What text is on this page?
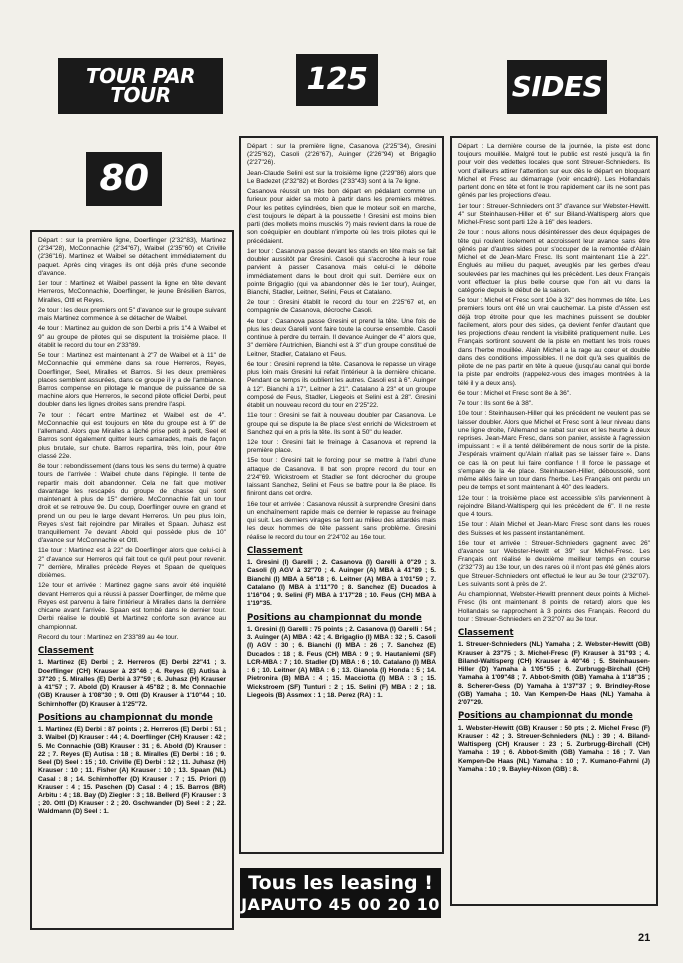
TOUR PAR TOUR
80
125	SIDES

Départ : sur la première ligne, Doerflinger (2'32"83), Martinez (2'34"28), McConnachie (2'34"67), Waibel (2'35"60) et Criville (2'36"16). Martinez et Waibel se détachent immédiatement du paquet. Après cinq virages ils ont déjà près d'une seconde d'avance.

1er tour : Martinez et Waibel passent la ligne en tête devant Herreros, McConnachie, Doerflinger, le jeune Brésilien Barros, Miralles, Ottl et Reyes.

2e tour : les deux premiers ont 5" d'avance sur le groupe suivant mais Martinez commence à se détacher de Waibel.

4e tour : Martinez au guidon de son Derbi a pris 1"4 à Waibel et 9" au groupe de pilotes qui se disputent la troisième place. Il établit le record du tour en 2'33"89.

5e tour : Martinez est maintenant à 2"7 de Waibel et à 11" de McConnachie qui emmène dans sa roue Herreros, Reyes, Doerflinger, Seel, Miralles et Barros. Si les deux premières places semblent assurées, dans ce groupe il y a de l'ambiance. Barros compense en pilotage le manque de puissance de sa machine alors que Herreros, le second pilote officiel Derbi, peut doubler dans les lignes droites sans prendre l'aspi.

7e tour : l'écart entre Martinez et Waibel est de 4". McConnachie qui est toujours en tête du groupe est à 9" de l'allemand. Alors que Miralles a lâché prise petit à petit, Seel et Barros sont également quitter leurs camarades, mais de façon plus brutale, sur chute. Barros repartira, très loin, pour être classé 22e.

8e tour : rebondissement (dans tous les sens du terme) à quatre tours de l'arrivée : Waibel chute dans l'épingle. Il tente de repartir mais doit abandonner. Cela ne fait que motiver davantage les rescapés du groupe de chasse qui sont maintenant à plus de 15" derrière. McConnachie fait un tour droit et se retrouve 9e. Du coup, Doerflinger ouvre en grand et prend un ou peu le large devant Herreros. Un peu plus loin, Reyes s'est fait rejoindre par Miralles et Spaan. Juhasz est tranquillement 7e devant Abold qui possède plus de 10" d'avance sur McConnachie et Ottl.

11e tour : Martinez est à 22" de Doerflinger alors que celui-ci à 2" d'avance sur Herreros qui fait tout ce qu'il peut pour revenir. 7" derrière, Miralles précède Reyes et Spaan de quelques dixièmes.

12e tour et arrivée : Martinez gagne sans avoir été inquiété devant Herreros qui a réussi à passer Doerflinger, de même que Reyes est parvenu à faire l'intérieur à Miralles dans la dernière chicane avant l'arrivée. Spaan est tombé dans le dernier tour. Derbi réalise le doublé et Martinez conforte son avance au championnat.

Record du tour : Martinez en 2'33"89 au 4e tour.

Classement

1. Martinez (E) Derbi ; 2. Herreros (E) Derbi 22"41 ; 3. Doerflinger (CH) Krauser à 23"46 ; 4. Reyes (E) Autisa à 37"20 ; 5. Miralles (E) Derbi à 37"59 ; 6. Juhasz (H) Krauser à 41"57 ; 7. Abold (D) Krauser à 45"82 ; 8. Mc Connachie (GB) Krauser à 1'08"30 ; 9. Ottl (D) Krauser à 1'10"44 ; 10. Schirnhoffer (D) Krauser à 1'25"72.

Positions au championnat du monde

1. Martinez (E) Derbi : 87 points ; 2. Herreros (E) Derbi : 51 ; 3. Waibel (D) Krauser : 44 ; 4. Doerflinger (CH) Krauser : 42 ; 5. Mc Connachie (GB) Krauser : 31 ; 6. Abold (D) Krauser : 22 ; 7. Reyes (E) Autisa : 18 ; 8. Miralles (E) Derbi : 16 ; 9. Seel (D) Seel : 15 ; 10. Criville (E) Derbi : 12 ; 11. Juhasz (H) Krauser : 10 ; 11. Fisher (A) Krauser : 10 ; 13. Spaan (NL) Casal : 8 ; 14. Schirnhoffer (D) Krauser : 7 ; 15. Priori (I) Krauser : 4 ; 15. Paschen (D) Casal : 4 ; 15. Barros (BR) Arbitu : 4 ; 18. Bay (D) Ziegler : 3 ; 18. Bellerd (F) Krauser : 3 ; 20. Ottl (D) Krauser : 2 ; 20. Gschwander (D) Seel : 2 ; 22. Waldmann (D) Seel : 1.

Départ : sur la première ligne, Casanova (2'25"34), Gresini (2'25"62), Casoli (2'26"67), Auinger (2'26"94) et Brigaglio (2'27"26).

Jean-Claude Selini est sur la troisième ligne (2'29"86) alors que Le Badezet (2'32"82) et Bordes (2'33"43) sont à la 7e ligne.

Casanova réussit un très bon départ en pédalant comme un furieux pour aider sa moto à partir dans les premiers mètres. Pour les petites cylindrées, bien que le moteur soit en marche, c'est toujours le départ à la poussette ! Gresini est moins bien parti (des mollets moins musclés ?) mais revient dans la roue de son coéquipier en doublant n'importe où les trois pilotes qui le précédaient.

1er tour : Casanova passe devant les stands en tête mais se fait doubler aussitôt par Gresini. Casoli qui s'accroche à leur roue parvient à passer Casanova mais celui-ci le déboite immédiatement dans le bout droit qui suit. Derrière eux on pointe Brigaglio (qui va abandonner dès le 1er tour), Auinger, Bianchi, Stadler, Leitner, Selini, Feus et Catalano.

2e tour : Gresini établit le record du tour en 2'25"67 et, en compagnie de Casanova, décroche Casoli.

4e tour : Casanova passe Gresini et prend la tête. Une fois de plus les deux Garelli vont faire toute la course ensemble. Casoli continue à perdre du terrain. Il devance Auinger de 4" alors que, 3" derrière l'Autrichien, Bianchi est à 3" d'un groupe constitué de Leitner, Stadler, Catalano et Feus.

6e tour : Gresini reprend la tête. Casanova le repasse un virage plus loin mais Gresini lui refait l'intérieur à la dernière chicane. Pendant ce temps ils oublient les autres. Casoli est à 6". Auinger à 12". Bianchi à 17", Leitner à 21". Catalano à 23" et un groupe composé de Feus, Stadler, Liegeois et Selini est à 28". Gresini établit un nouveau record du tour en 2'25"22.

11e tour : Gresini se fait à nouveau doubler par Casanova. Le groupe qui se dispute la 8e place s'est enrichi de Wickstroem et Sanchez qui en a pris la tête. Ils sont à 50" du leader.

12e tour : Gresini fait le freinage à Casanova et reprend la première place.

15e tour : Gresini tait le forcing pour se mettre à l'abri d'une attaque de Casanova. Il bat son propre record du tour en 2'24"69. Wickstroem et Stadler se font décrocher du groupe laissant Sanchez, Selini et Feus se battre pour la 8e place. Ils finiront dans cet ordre.

16e tour et arrivée : Casanova réussit à surprendre Gresini dans un enchaînement rapide mais ce dernier le repasse au freinage qui suit. Les derniers virages se font au milieu des attardés mais les deux hommes de tête passent sans problème. Gresini réalise le record du tour en 2'24"02 au 16e tour.

Classement

1. Gresini (I) Garelli ; 2. Casanova (I) Garelli à 0"29 ; 3. Casoli (I) AGV à 32"70 ; 4. Auinger (A) MBA à 41"89 ; 5. Bianchi (I) MBA à 56"18 ; 6. Leitner (A) MBA à 1'01"59 ; 7. Catalano (I) MBA à 1'11"70 ; 8. Sanchez (E) Ducados à 1'16"04 ; 9. Selini (F) MBA à 1'17"28 ; 10. Feus (CH) MBA à 1'19"35.

Positions au championnat du monde

1. Gresini (I) Garelli : 75 points ; 2. Casanova (I) Garelli : 54 ; 3. Auinger (A) MBA : 42 ; 4. Brigaglio (I) MBA : 32 ; 5. Casoli (I) AGV : 30 ; 6. Bianchi (I) MBA : 26 ; 7. Sanchez (E) Ducados : 18 ; 8. Feus (CH) MBA : 9 ; 9. Hautaniemi (SF) LCR-MBA : 7 ; 10. Stadler (D) MBA : 6 ; 10. Catalano (I) MBA : 6 ; 10. Leitner (A) MBA : 6 ; 13. Gianola (I) Honda : 5 ; 14. Pietronira (B) MBA : 4 ; 15. Macciotta (I) MBA : 3 ; 15. Wickstroem (SF) Tunturi : 2 ; 15. Selini (F) MBA : 2 ; 18. Liegeois (B) Assmex : 1 ; 18. Perez (RA) : 1.

Tous les leasing !
JAPAUTO 45 00 20 10

Départ : La dernière course de la journée, la piste est donc toujours mouillée. Malgré tout le public est resté jusqu'à la fin pour voir des vedettes locales que sont Streuer-Schnieders. Ils vont d'ailleurs attirer l'attention sur eux dès le départ en bloquant Michel et Fresc au démarrage (voir encadré). Les Hollandais partent donc en tête et font le trou rapidement car ils ne sont pas gênés par les projections d'eau.

1er tour : Streuer-Schnieders ont 3" d'avance sur Webster-Hewitt. 4" sur Steinhausen-Hiller et 6" sur Biland-Waltisperg alors que Michel-Fresc sont parti 12e à 16" des leaders.

2e tour : nous allons nous désintéresser des deux équipages de tête qui roulent isolement et accroissent leur avance sans être gênés par d'autres sides pour s'occuper de la remontée d'Alain Michel et de Jean-Marc Fresc. Ils sont maintenant 11e à 22". Englués au milieu du paquet, aveuglés par les gerbes d'eau soulevées par les machines qui les précèdent. Les deux Français vont effectuer la plus belle course que l'on ait vu dans la catégorie depuis le début de la saison.

5e tour : Michel et Fresc sont 10e à 32" des hommes de tête. Les premiers tours ont été un vrai cauchemar. La piste d'Assen est déjà trop étroite pour que les machines puissent se doubler facilement, alors pour des sides, ça devient l'enfer d'autant que les projections d'eau rendent la visibilité pratiquement nulle. Les Français sortiront souvent de la piste en mettant les trois roues dans l'herbe mouillée. Alain Michel a la rage au cœur et double dans des conditions impossibles. Il ne doit qu'à ses qualités de pilote de ne pas partir en tête à queue (jusqu'au canal qui borde la piste par endroits (rappelez-vous des images montrées à la télé il y a deux ans).

6e tour : Michel et Fresc sont 8e à 36".

7e tour : Ils sont 6e à 38".

10e tour : Steinhausen-Hiller qui les précédent ne veulent pas se laisser doubler. Alors que Michel et Fresc sont à leur niveau dans une ligne droite, l'Allemand se rabat sur eux et les heurte à deux reprises. Jean-Marc Fresc, dans son panier, assiste à l'agression impuissant : « il a tenté délibérement de nous sortir de la piste. J'espérais vraiment qu'Alain n'allait pas se laisser faire ». Dans ce cas là on peut lui faire confiance ! Il force le passage et s'empare de la 4e place. Steinhausen-Hiller, déboussolé, sont même allés faire un tour dans l'herbe. Les Français ont perdu un peu de temps et sont maintenant à 40" des leaders.

12e tour : la troisième place est accessible s'ils parviennent à rejoindre Biland-Waltisperg qui les précèdent de 6". Il ne reste que 4 tours.

15e tour : Alain Michel et Jean-Marc Fresc sont dans les roues des Suisses et les passent instantanément.

16e tour et arrivée : Streuer-Schnieders gagnent avec 26" d'avance sur Webster-Hewitt et 39" sur Michel-Fresc. Les Français ont réalisé le deuxième meilleur temps en course (2'32"73) au 13e tour, un des rares où il n'ont pas été gênés alors que Streuer-Schnieders ont effectué le leur au 3e tour (2'32"07). Les suivants sont à près de 2'.

Au championnat, Webster-Hewitt prennent deux points à Michel-Fresc (ils ont maintenant 8 points de retard) alors que les Hollandais se rapprochent à 3 points des Français. Record du tour : Streuer-Schnieders en 2'32"07 au 3e tour.

Classement

1. Streuer-Schnieders (NL) Yamaha ; 2. Webster-Hewitt (GB) Krauser à 23"75 ; 3. Michel-Fresc (F) Krauser à 31"93 ; 4. Biland-Waltisperg (CH) Krauser à 40"46 ; 5. Steinhausen-Hiller (D) Yamaha à 1'05"55 ; 6. Zurbrugg-Birchall (CH) Yamaha à 1'09"48 ; 7. Abbot-Smith (GB) Yamaha à 1'18"35 ; 8. Scherer-Gess (D) Yamaha à 1'37"37 ; 9. Brindley-Rose (GB) Yamaha ; 10. Van Kempen-De Haas (NL) Yamaha à 2'07"29.

Positions au championnat du monde

1. Webster-Hewitt (GB) Krauser : 50 pts ; 2. Michel Fresc (F) Krauser : 42 ; 3. Streuer-Schnieders (NL) : 39 ; 4. Biland-Waltisperg (CH) Krauser : 23 ; 5. Zurbrugg-Birchall (CH) Yamaha : 19 ; 6. Abbot-Smith (GB) Yamaha : 16 ; 7. Van Kempen-De Haas (NL) Yamaha : 10 ; 7. Kumano-Fahrni (J) Yamaha : 10 ; 9. Bayley-Nixon (GB) : 8.

21
